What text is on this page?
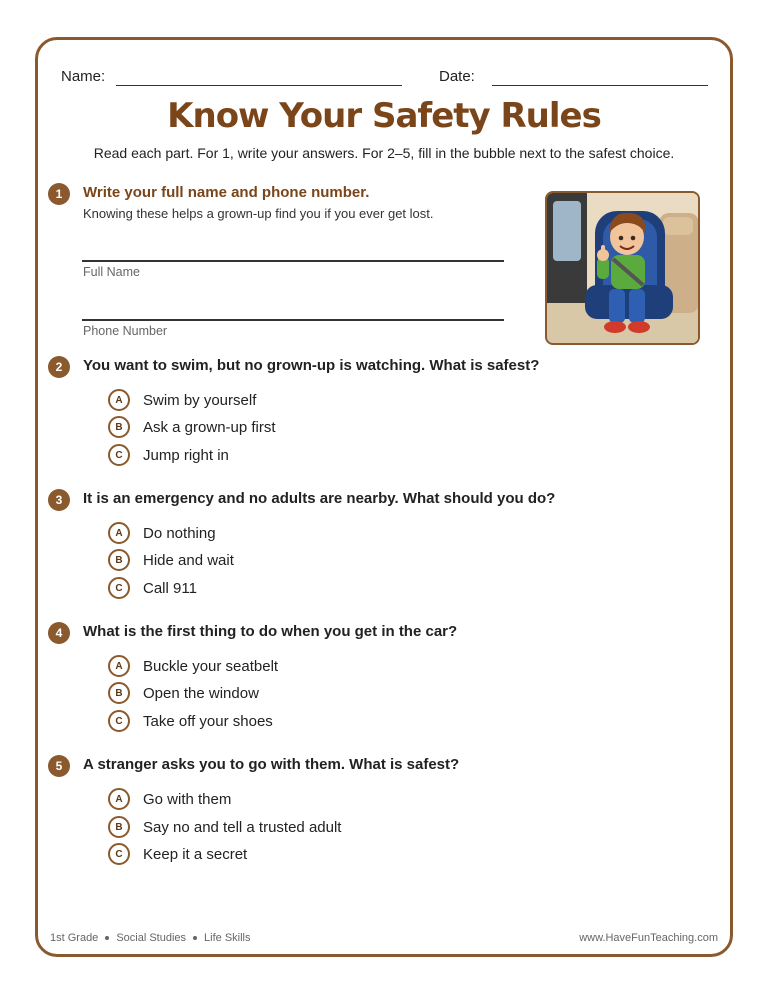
Name:	Date:
Know Your Safety Rules
Read each part. For 1, write your answers. For 2–5, fill in the bubble next to the safest choice.
1	Write your full name and phone number.
Knowing these helps a grown-up find you if you ever get lost.
Full Name
Phone Number
2	You want to swim, but no grown-up is watching. What is safest?
A	Swim by yourself
B	Ask a grown-up first
C	Jump right in
3	It is an emergency and no adults are nearby. What should you do?
A	Do nothing
B	Hide and wait
C	Call 911
4	What is the first thing to do when you get in the car?
A	Buckle your seatbelt
B	Open the window
C	Take off your shoes
5	A stranger asks you to go with them. What is safest?
A	Go with them
B	Say no and tell a trusted adult
C	Keep it a secret
1st Grade Social Studies Life Skills	www.HaveFunTeaching.com
